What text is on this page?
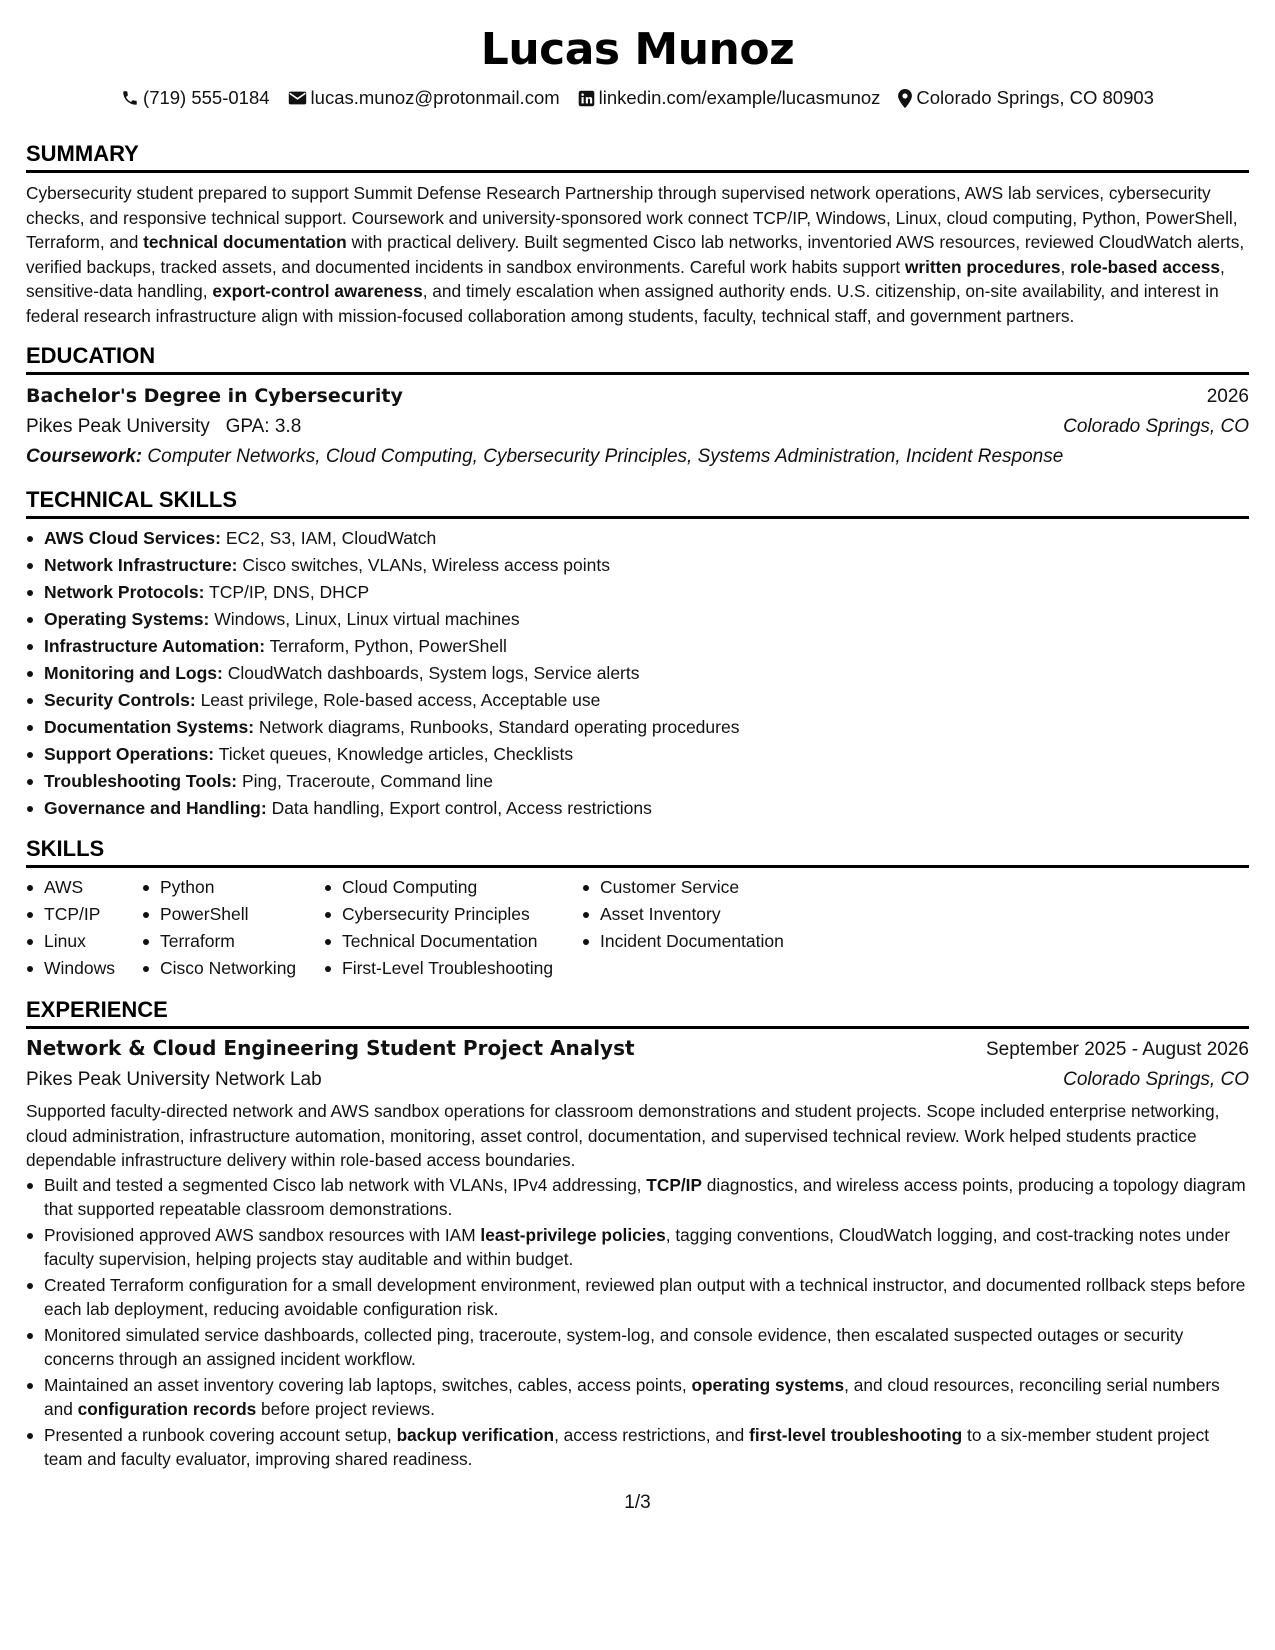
Lucas Munoz
(719) 555-0184 lucas.munoz@protonmail.com linkedin.com/example/lucasmunoz Colorado Springs, CO 80903
SUMMARY
Cybersecurity student prepared to support Summit Defense Research Partnership through supervised network operations, AWS lab services, cybersecurity checks, and responsive technical support. Coursework and university-sponsored work connect TCP/IP, Windows, Linux, cloud computing, Python, PowerShell, Terraform, and technical documentation with practical delivery. Built segmented Cisco lab networks, inventoried AWS resources, reviewed CloudWatch alerts, verified backups, tracked assets, and documented incidents in sandbox environments. Careful work habits support written procedures, role-based access, sensitive-data handling, export-control awareness, and timely escalation when assigned authority ends. U.S. citizenship, on-site availability, and interest in federal research infrastructure align with mission-focused collaboration among students, faculty, technical staff, and government partners.
EDUCATION
Bachelor's Degree in Cybersecurity	2026
Pikes Peak University GPA: 3.8	Colorado Springs, CO
Coursework: Computer Networks, Cloud Computing, Cybersecurity Principles, Systems Administration, Incident Response
TECHNICAL SKILLS
AWS Cloud Services: EC2, S3, IAM, CloudWatch
Network Infrastructure: Cisco switches, VLANs, Wireless access points
Network Protocols: TCP/IP, DNS, DHCP
Operating Systems: Windows, Linux, Linux virtual machines
Infrastructure Automation: Terraform, Python, PowerShell
Monitoring and Logs: CloudWatch dashboards, System logs, Service alerts
Security Controls: Least privilege, Role-based access, Acceptable use
Documentation Systems: Network diagrams, Runbooks, Standard operating procedures
Support Operations: Ticket queues, Knowledge articles, Checklists
Troubleshooting Tools: Ping, Traceroute, Command line
Governance and Handling: Data handling, Export control, Access restrictions
SKILLS
AWS
TCP/IP
Linux
Windows
Python
PowerShell
Terraform
Cisco Networking
Cloud Computing
Cybersecurity Principles
Technical Documentation
First-Level Troubleshooting
Customer Service
Asset Inventory
Incident Documentation
EXPERIENCE
Network & Cloud Engineering Student Project Analyst	September 2025 - August 2026
Pikes Peak University Network Lab	Colorado Springs, CO
Supported faculty-directed network and AWS sandbox operations for classroom demonstrations and student projects. Scope included enterprise networking, cloud administration, infrastructure automation, monitoring, asset control, documentation, and supervised technical review. Work helped students practice dependable infrastructure delivery within role-based access boundaries.
Built and tested a segmented Cisco lab network with VLANs, IPv4 addressing, TCP/IP diagnostics, and wireless access points, producing a topology diagram that supported repeatable classroom demonstrations.
Provisioned approved AWS sandbox resources with IAM least-privilege policies, tagging conventions, CloudWatch logging, and cost-tracking notes under faculty supervision, helping projects stay auditable and within budget.
Created Terraform configuration for a small development environment, reviewed plan output with a technical instructor, and documented rollback steps before each lab deployment, reducing avoidable configuration risk.
Monitored simulated service dashboards, collected ping, traceroute, system-log, and console evidence, then escalated suspected outages or security concerns through an assigned incident workflow.
Maintained an asset inventory covering lab laptops, switches, cables, access points, operating systems, and cloud resources, reconciling serial numbers and configuration records before project reviews.
Presented a runbook covering account setup, backup verification, access restrictions, and first-level troubleshooting to a six-member student project team and faculty evaluator, improving shared readiness.
1/3
